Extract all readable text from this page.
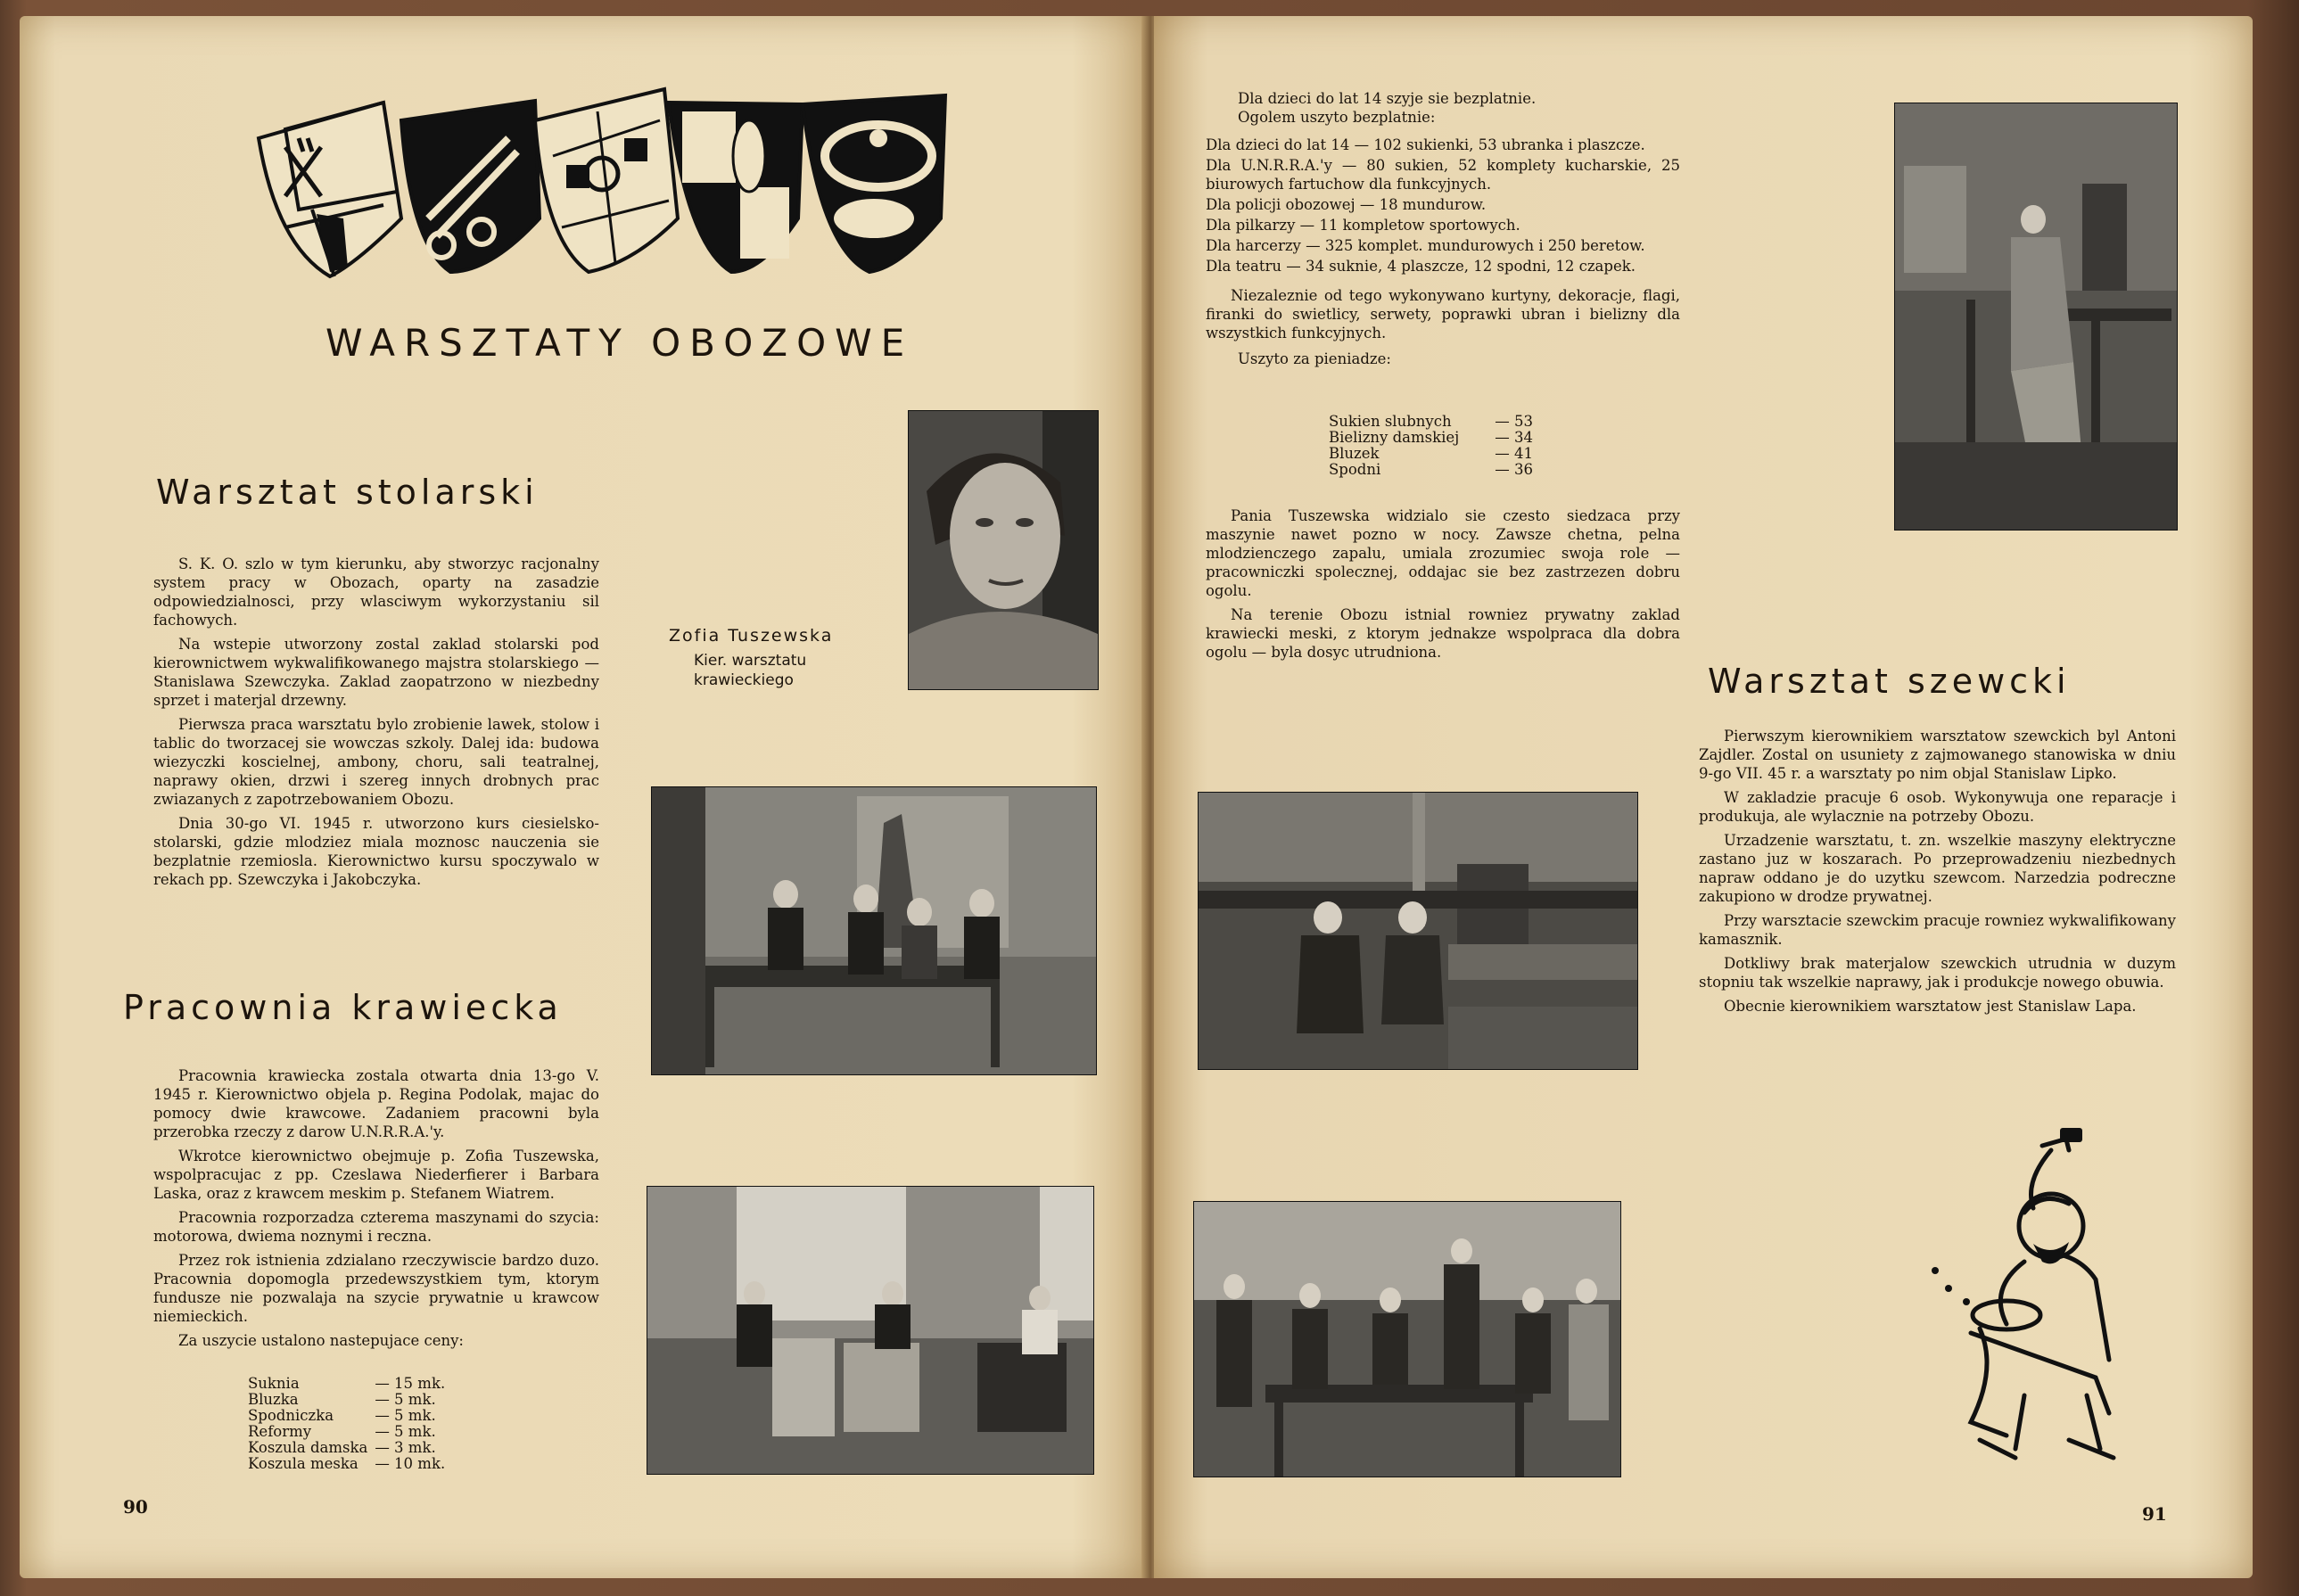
WARSZTATY OBOZOWE
Warsztat stolarski

S. K. O. szlo w tym kierunku, aby stworzyc racjonalny system pracy w Obozach, oparty na zasadzie odpowiedzialnosci, przy wlasciwym wykorzystaniu sil fachowych.

Na wstepie utworzony zostal zaklad stolarski pod kierownictwem wykwalifikowanego majstra stolarskiego — Stanislawa Szewczyka. Zaklad zaopatrzono w niezbedny sprzet i materjal drzewny.

Pierwsza praca warsztatu bylo zrobienie lawek, stolow i tablic do tworzacej sie wowczas szkoly. Dalej ida: budowa wiezyczki koscielnej, ambony, choru, sali teatralnej, naprawy okien, drzwi i szereg innych drobnych prac zwiazanych z zapotrzebowaniem Obozu.

Dnia 30-go VI. 1945 r. utworzono kurs ciesielsko-stolarski, gdzie mlodziez miala moznosc nauczenia sie bezplatnie rzemiosla. Kierownictwo kursu spoczywalo w rekach pp. Szewczyka i Jakobczyka.

Zofia Tuszewska
Kier. warsztatu
krawieckiego
Pracownia krawiecka

Pracownia krawiecka zostala otwarta dnia 13-go V. 1945 r. Kierownictwo objela p. Regina Podolak, majac do pomocy dwie krawcowe. Zadaniem pracowni byla przerobka rzeczy z darow U.N.R.R.A.'y.

Wkrotce kierownictwo obejmuje p. Zofia Tuszewska, wspolpracujac z pp. Czeslawa Niederfierer i Barbara Laska, oraz z krawcem meskim p. Stefanem Wiatrem.

Pracownia rozporzadza czterema maszynami do szycia: motorowa, dwiema noznymi i reczna.

Przez rok istnienia zdzialano rzeczywiscie bardzo duzo. Pracownia dopomogla przedewszystkiem tym, ktorym fundusze nie pozwalaja na szycie prywatnie u krawcow niemieckich.

Za uszycie ustalono nastepujace ceny:

Suknia	— 15 mk.
Bluzka	— 5 mk.
Spodniczka	— 5 mk.
Reformy	— 5 mk.
Koszula damska	— 3 mk.
Koszula meska	— 10 mk.
90
Dla dzieci do lat 14 szyje sie bezplatnie.
Ogolem uszyto bezplatnie:
Dla dzieci do lat 14 — 102 sukienki, 53 ubranka i plaszcze.
Dla U.N.R.R.A.'y — 80 sukien, 52 komplety kucharskie, 25 biurowych fartuchow dla funkcyjnych.
Dla policji obozowej — 18 mundurow.
Dla pilkarzy — 11 kompletow sportowych.
Dla harcerzy — 325 komplet. mundurowych i 250 beretow.
Dla teatru — 34 suknie, 4 plaszcze, 12 spodni, 12 czapek.

Niezaleznie od tego wykonywano kurtyny, dekoracje, flagi, firanki do swietlicy, serwety, poprawki ubran i bielizny dla wszystkich funkcyjnych.

Uszyto za pieniadze:
Sukien slubnych	— 53
Bielizny damskiej	— 34
Bluzek	— 41
Spodni	— 36

Pania Tuszewska widzialo sie czesto siedzaca przy maszynie nawet pozno w nocy. Zawsze chetna, pelna mlodzienczego zapalu, umiala zrozumiec swoja role — pracowniczki spolecznej, oddajac sie bez zastrzezen dobru ogolu.

Na terenie Obozu istnial rowniez prywatny zaklad krawiecki meski, z ktorym jednakze wspolpraca dla dobra ogolu — byla dosyc utrudniona.

Warsztat szewcki

Pierwszym kierownikiem warsztatow szewckich byl Antoni Zajdler. Zostal on usuniety z zajmowanego stanowiska w dniu 9-go VII. 45 r. a warsztaty po nim objal Stanislaw Lipko.

W zakladzie pracuje 6 osob. Wykonywuja one reparacje i produkuja, ale wylacznie na potrzeby Obozu.

Urzadzenie warsztatu, t. zn. wszelkie maszyny elektryczne zastano juz w koszarach. Po przeprowadzeniu niezbednych napraw oddano je do uzytku szewcom. Narzedzia podreczne zakupiono w drodze prywatnej.

Przy warsztacie szewckim pracuje rowniez wykwalifikowany kamasznik.

Dotkliwy brak materjalow szewckich utrudnia w duzym stopniu tak wszelkie naprawy, jak i produkcje nowego obuwia.

Obecnie kierownikiem warsztatow jest Stanislaw Lapa.

91
